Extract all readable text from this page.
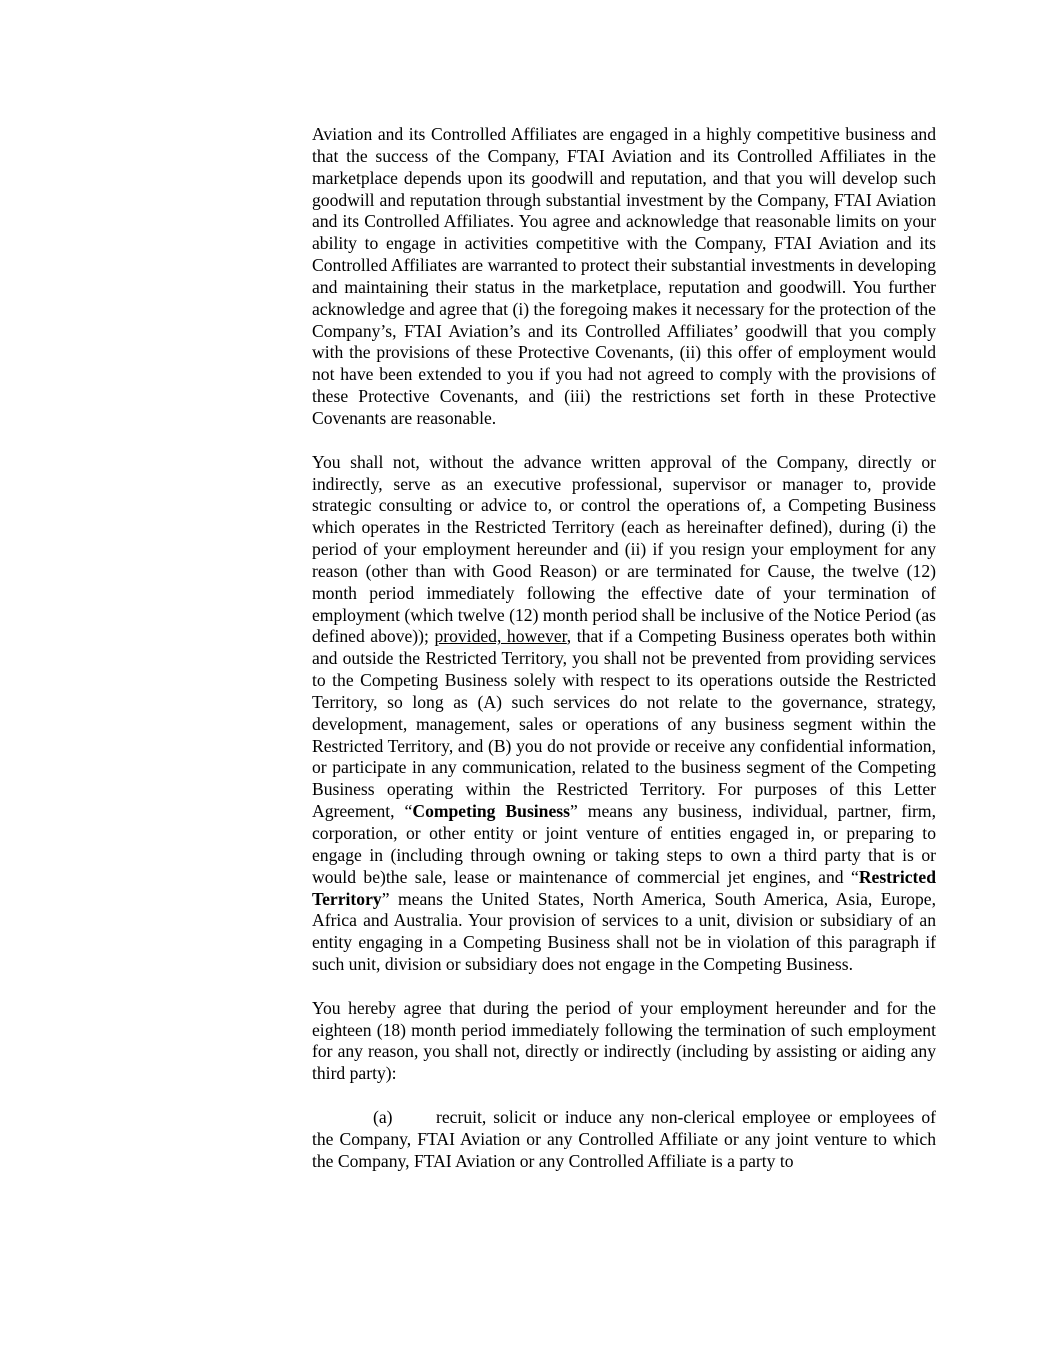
Aviation and its Controlled Affiliates are engaged in a highly competitive business and that the success of the Company, FTAI Aviation and its Controlled Affiliates in the marketplace depends upon its goodwill and reputation, and that you will develop such goodwill and reputation through substantial investment by the Company, FTAI Aviation and its Controlled Affiliates. You agree and acknowledge that reasonable limits on your ability to engage in activities competitive with the Company, FTAI Aviation and its Controlled Affiliates are warranted to protect their substantial investments in developing and maintaining their status in the marketplace, reputation and goodwill. You further acknowledge and agree that (i) the foregoing makes it necessary for the protection of the Company’s, FTAI Aviation’s and its Controlled Affiliates’ goodwill that you comply with the provisions of these Protective Covenants, (ii) this offer of employment would not have been extended to you if you had not agreed to comply with the provisions of these Protective Covenants, and (iii) the restrictions set forth in these Protective Covenants are reasonable.

You shall not, without the advance written approval of the Company, directly or indirectly, serve as an executive professional, supervisor or manager to, provide strategic consulting or advice to, or control the operations of, a Competing Business which operates in the Restricted Territory (each as hereinafter defined), during (i) the period of your employment hereunder and (ii) if you resign your employment for any reason (other than with Good Reason) or are terminated for Cause, the twelve (12) month period immediately following the effective date of your termination of employment (which twelve (12) month period shall be inclusive of the Notice Period (as defined above)); provided, however, that if a Competing Business operates both within and outside the Restricted Territory, you shall not be prevented from providing services to the Competing Business solely with respect to its operations outside the Restricted Territory, so long as (A) such services do not relate to the governance, strategy, development, management, sales or operations of any business segment within the Restricted Territory, and (B) you do not provide or receive any confidential information, or participate in any communication, related to the business segment of the Competing Business operating within the Restricted Territory. For purposes of this Letter Agreement, “Competing Business” means any business, individual, partner, firm, corporation, or other entity or joint venture of entities engaged in, or preparing to engage in (including through owning or taking steps to own a third party that is or would be)the sale, lease or maintenance of commercial jet engines, and “Restricted Territory” means the United States, North America, South America, Asia, Europe, Africa and Australia. Your provision of services to a unit, division or subsidiary of an entity engaging in a Competing Business shall not be in violation of this paragraph if such unit, division or subsidiary does not engage in the Competing Business.

You hereby agree that during the period of your employment hereunder and for the eighteen (18) month period immediately following the termination of such employment for any reason, you shall not, directly or indirectly (including by assisting or aiding any third party):

(a) recruit, solicit or induce any non-clerical employee or employees of the Company, FTAI Aviation or any Controlled Affiliate or any joint venture to which the Company, FTAI Aviation or any Controlled Affiliate is a party to
